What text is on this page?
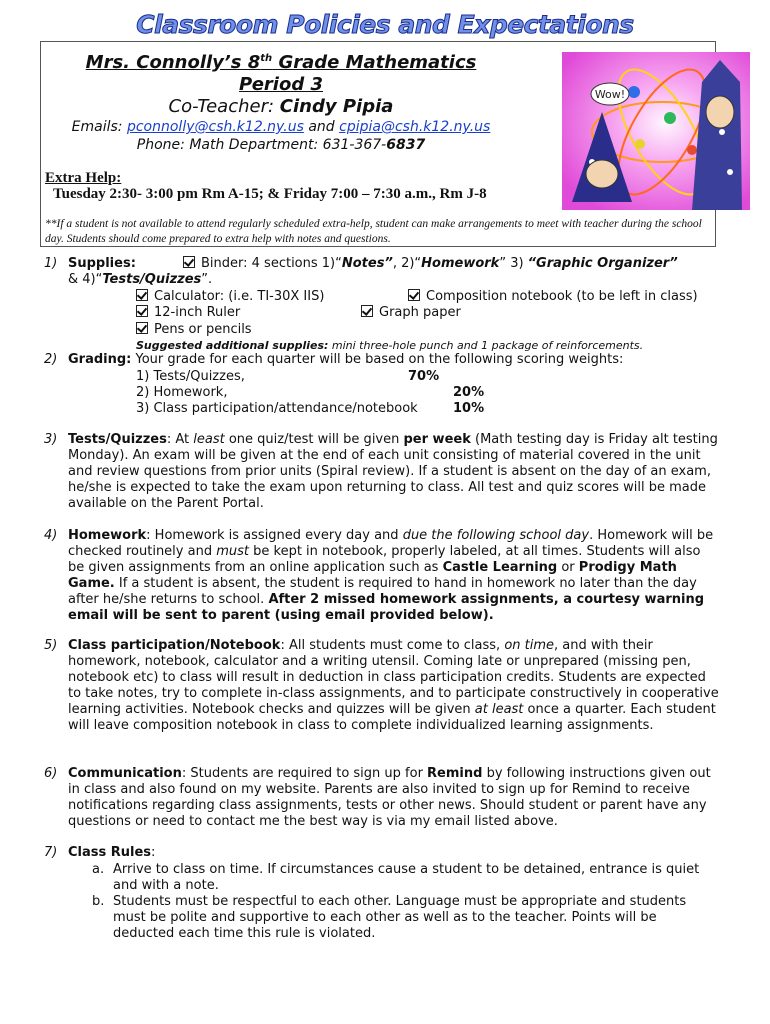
Classroom Policies and Expectations
Mrs. Connolly’s 8th Grade Mathematics
Period 3
Co-Teacher: Cindy Pipia
Emails: pconnolly@csh.k12.ny.us and cpipia@csh.k12.ny.us
Phone: Math Department: 631-367-6837
Extra Help:
Tuesday 2:30- 3:00 pm Rm A-15; & Friday 7:00 – 7:30 a.m., Rm J-8
**If a student is not available to attend regularly scheduled extra-help, student can make arrangements to meet with teacher during the school day. Students should come prepared to extra help with notes and questions.
Wow!
1) Supplies:	Binder: 4 sections 1)“Notes”, 2)“Homework” 3) “Graphic Organizer”
& 4)“Tests/Quizzes”.
Calculator: (i.e. TI-30X IIS)	Composition notebook (to be left in class)
12-inch Ruler	Graph paper
Pens or pencils
Suggested additional supplies: mini three-hole punch and 1 package of reinforcements.
2) Grading: Your grade for each quarter will be based on the following scoring weights:
1) Tests/Quizzes,	70%
2) Homework,	20%
3) Class participation/attendance/notebook	10%
3) Tests/Quizzes: At least one quiz/test will be given per week (Math testing day is Friday alt testing Monday). An exam will be given at the end of each unit consisting of material covered in the unit and review questions from prior units (Spiral review). If a student is absent on the day of an exam, he/she is expected to take the exam upon returning to class. All test and quiz scores will be made available on the Parent Portal.
4) Homework: Homework is assigned every day and due the following school day. Homework will be checked routinely and must be kept in notebook, properly labeled, at all times. Students will also be given assignments from an online application such as Castle Learning or Prodigy Math Game. If a student is absent, the student is required to hand in homework no later than the day after he/she returns to school. After 2 missed homework assignments, a courtesy warning email will be sent to parent (using email provided below).
5) Class participation/Notebook: All students must come to class, on time, and with their homework, notebook, calculator and a writing utensil. Coming late or unprepared (missing pen, notebook etc) to class will result in deduction in class participation credits. Students are expected to take notes, try to complete in-class assignments, and to participate constructively in cooperative learning activities. Notebook checks and quizzes will be given at least once a quarter. Each student will leave composition notebook in class to complete individualized learning assignments.
6) Communication: Students are required to sign up for Remind by following instructions given out in class and also found on my website. Parents are also invited to sign up for Remind to receive notifications regarding class assignments, tests or other news. Should student or parent have any questions or need to contact me the best way is via my email listed above.
7) Class Rules:
a. Arrive to class on time. If circumstances cause a student to be detained, entrance is quiet and with a note.
b. Students must be respectful to each other. Language must be appropriate and students must be polite and supportive to each other as well as to the teacher. Points will be deducted each time this rule is violated.
